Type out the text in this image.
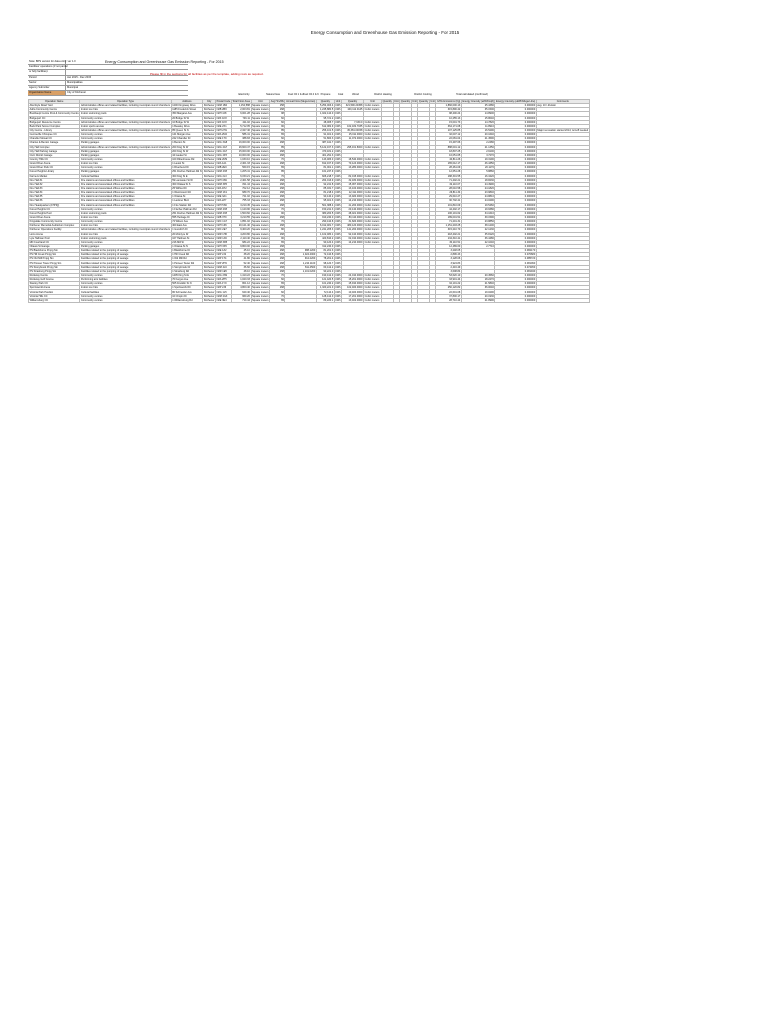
Energy Consumption and Greenhouse Gas Emission Reporting - For 2015
Note: BPS version for data entry: ver 1.0
Facilities' operations (if not partial
or fully facilities):
Period	Jan 2015 - Dec 2015
Sector	Municipalities
Agency Submitter	Municipal
Organization Name	City of Kitchener
Energy Consumption and Greenhouse Gas Emission Reporting - For 2015
Please fill in the sections for all facilities as per the template, adding rows as required.
Electricity	Natural Gas	Fuel Oil 1 & 2 Fuel Oil 4 & 6 Propane	Coal	Wood	District Heating	District Cooling	Total calculated (confirmed)
Operation Name	Operation Type	Address	City	Postal Code	Total Floor Area	Unit	Avg Hrs/Wk	Annual Flow (Mega Litres)	Quantity	Unit	Quantity	Unit	Quantity	Unit	Quantity	Unit	Quantity	Unit	GHG Emissions (Kg)	Energy Intensity (ekWh/sqft)	Energy Intensity (ekWh/Mega Litre)	Comments
Aberfoyle Road Yard	Administrative offices and related facilities, including municipal council chambers	1200 Kingsway Drive	Kitchener	N2M 1B4	1,154,588	Square meters	158		5,254,003.4	kWh	321,590.20458	Cubic meters							1,882,000.13	25.4380	0.000000	avg. 10 / division
Adria Community Centre	Indoor ice rinks	1185 Frederick Street	Kitchener	N2B 2B9	2,003.81	Square meters	168		1,245,880.5	kWh	100,112.0145	Cubic meters							315,890.42	35.1500	0.000000	
Breithaupt Centre Pool & Community Centre	Indoor swimming pools	350 Margaret Ave	Kitchener	N2H 4J8	6,001.28	Square meters	98		1,022,144.0	kWh									98,400.24	14.8900	0.000000	
Bridgeport CC	Community centres	20 Bridge St W	Kitchener	N2K 1K8	746.11	Square meters	60		95,721.2	kWh									10,255.13	15.8040	0.000000	
Bridgeport Resource Centre	Administrative offices and related facilities, including municipal council chambers	10 Bridge St W	Kitchener	N2K 1K8	411.02	Square meters	60		48,005.7	kWh	7,330.0	Cubic meters							15,001.73	14.7820	0.000000	
Budd Park Soccer Complex	Indoor sports arenas	1 Beasley Drive	Kitchener	N2E 2X1	5,712.05	Square meters	90		612,082.9	kWh	162,182.7035	Cubic meters							364,171.08	11.8910	0.000000	
City Centre - Library	Administrative offices and related facilities, including municipal council chambers	85 Queen St N	Kitchener	N2H 2H1	2,327.46	Square meters	85		256,101.5	kWh	45,381.00158	Cubic meters							107,125.85	16.5290	0.000000	Major renovation started 2014; turnoff needed
Centreville Chicopee CC	Community centres	141 Morgan Ave	Kitchener	N2A 2M4	586.41	Square meters	65		91,401.4	kWh	15,011.0000	Cubic meters							32,007.12	20.1640	0.000000	
Chandler Mowat CC	Community centres	222 Chandler Dr	Kitchener	N2E 1T9	388.83	Square meters	60		51,800.3	kWh	11,072.0000	Cubic meters							22,081.04	21.4590	0.000000	
Charles & Benton Garage	Parking garages	1 Benton St	Kitchener	N2G 3G8	16,000.00	Square meters	168		387,441.7	kWh									15,497.66	2.2480	0.000000	
City Hall Complex	Administrative offices and related facilities, including municipal council chambers	200 King St W	Kitchener	N2G 4G7	26,600.47	Square meters	85		5,122,167.3	kWh	295,161.8000	Cubic meters							888,001.12	21.1350	0.000000	
City Hall Parking Garage	Parking garages	200 King St W	Kitchener	N2G 4G7	15,000.00	Square meters	168		470,181.2	kWh									18,807.25	2.9100	0.000000	
Civic District Garage	Parking garages	44 Gaukel St	Kitchener	N2G 4P3	10,000.00	Square meters	168		401,291.3	kWh									16,051.65	3.7270	0.000000	
Country Hills CC	Community centres	100 Rittenhouse Rd	Kitchener	N2E 2M9	1,030.10	Square meters	70		143,483.0	kWh	18,540.0000	Cubic meters							40,811.26	19.3190	0.000000	
Grand River Arena	Indoor ice rinks	1 Laurel St	Kitchener	N2A 1A1	2,401.33	Square meters	168		812,167.9	kWh	70,124.0000	Cubic meters							165,012.17	46.4350	0.000000	
Grand River Park CC	Community centres	1 Riverbend Dr	Kitchener	N2B 2E9	560.15	Square meters	65		81,001.1	kWh	13,280.0000	Cubic meters							28,461.09	20.1170	0.000000	
Forest Heights Library	Parking garages	251 Fischer-Hallman Rd N	Kitchener	N2M 4X8	1,205.41	Square meters	85		161,247.9	kWh									12,651.28	5.8860	0.000000	
Farmers Market	Cultural facilities	300 King St E	Kitchener	N2G 2L3	6,150.21	Square meters	70		826,218.7	kWh	82,015.0000	Cubic meters							188,301.55	16.3420	0.000000	
Fire Hall #1	Fire stations and associated offices and facilities	59 Lancaster St W	Kitchener	N2H 4S9	2,401.58	Square meters	168		264,013.9	kWh	32,180.0000	Cubic meters							71,402.21	18.8230	0.000000	
Fire Hall #2	Fire stations and associated offices and facilities	300 Ottawa St S	Kitchener	N2M 3P6	811.44	Square meters	168		92,241.8	kWh	15,067.0000	Cubic meters							32,110.07	24.4990	0.000000	
Fire Hall #3	Fire stations and associated offices and facilities	25 Wilfred Dr	Kitchener	N2A 1H2	702.12	Square meters	168		85,031.7	kWh	13,100.0000	Cubic meters							28,010.58	24.1820	0.000000	
Fire Hall #4	Fire stations and associated offices and facilities	1 Westmount Rd	Kitchener	N2M 1K1	689.70	Square meters	168		81,218.4	kWh	12,411.0000	Cubic meters							26,811.34	23.9840	0.000000	
Fire Hall #5	Fire stations and associated offices and facilities	1 Ottawa St	Kitchener	N2E 3A1	721.02	Square meters	168		90,140.2	kWh	13,920.0000	Cubic meters							29,610.27	24.8810	0.000000	
Fire Hall #6	Fire stations and associated offices and facilities	1 Lackner Blvd	Kitchener	N2A 2Z7	755.33	Square meters	168		95,401.3	kWh	14,210.0000	Cubic meters							30,702.41	24.0290	0.000000	
Fire Headquarters (FHHQ)	Fire stations and associated offices and facilities	1 Fire Station Rd	Kitchener	N2H 5S6	3,210.45	Square meters	168		501,388.4	kWh	41,200.0000	Cubic meters							101,810.09	19.5460	0.000000	
Forest Heights CC	Community centres	1 Fischer-Hallman Rd	Kitchener	N2M 4X8	1,120.90	Square meters	70		150,241.3	kWh	20,140.0000	Cubic meters							44,402.17	19.9380	0.000000	
Forest Heights Pool	Indoor swimming pools	251 Fischer-Hallman Rd N	Kitchener	N2M 4X8	1,500.60	Square meters	90		380,200.5	kWh	48,021.0000	Cubic meters							106,101.62	34.1610	0.000000	
Grand River Arena	Indoor ice rinks	555 Heritage Dr	Kitchener	N2B 3T9	3,210.55	Square meters	168		910,240.0	kWh	80,110.0000	Cubic meters							189,001.51	39.1590	0.000000	
Kingsdale Community Centre	Community centres	72 Wilson Ave	Kitchener	N2C 1G7	1,851.02	Square meters	70		290,410.8	kWh	31,820.0000	Cubic meters							71,201.31	23.8850	0.000000	
Kitchener Memorial Auditorium Complex	Indoor ice rinks	400 East Ave	Kitchener	N2H 1Z6	20,121.40	Square meters	168		6,012,481.7	kWh	480,120.0000	Cubic meters							1,151,203.25	38.1200	0.000000	
Kitchener Operations Facility	Administrative offices and related facilities, including municipal council chambers	1 Goodrich Dr	Kitchener	N2C 2E7	9,400.20	Square meters	80		1,241,205.3	kWh	141,200.0000	Cubic meters							315,210.70	22.1230	0.000000	
Lions Arena	Indoor ice rinks	20 Mcintyre Dr	Kitchener	N2R 1H6	4,200.80	Square meters	168		1,102,480.1	kWh	92,410.0000	Cubic meters							218,402.21	35.8120	0.000000	
Lyle Hallman Pool	Indoor swimming pools	107 Hallman St	Kitchener	N2R 1A5	2,110.40	Square meters	90		420,810.2	kWh	62,010.0000	Cubic meters							134,310.41	36.4480	0.000000	
Mill Courtland CC	Community centres	216 Mill St	Kitchener	N2M 3R5	684.22	Square meters	65		90,120.4	kWh	14,210.0000	Cubic meters							30,110.51	22.1040	0.000000	
Ottawa St Garage	Parking garages	1 Ottawa St N	Kitchener	N2H 3K5	9,800.00	Square meters	168		312,240.0	kWh									12,489.60	2.7710	0.000000	
PS Blackhorne Pmpg Stn	Facilities related to the pumping of sewage	1 Blackhorne Dr	Kitchener	N2E 1Z2	45.10	Square meters	168	988.1200	81,201.3	kWh									3,248.05		0.082170	
PS Hill Creek Pmpg Stn	Facilities related to the pumping of sewage	1 Hill Creek Rd	Kitchener	N2P 2J2	38.20	Square meters	168	1,024.4000	72,410.8	kWh									2,896.43		0.070680	
PS Old Mill Pmpg Stn	Facilities related to the pumping of sewage	1 Old Mill Rd	Kitchener	N2P 1T4	41.80	Square meters	168	912.2200	78,201.4	kWh									3,128.06		0.085720	
PS Pioneer Tower Pmpg Stn	Facilities related to the pumping of sewage	1 Pioneer Tower Rd	Kitchener	N2P 2H9	52.40	Square meters	168	1,210.1100	98,120.7	kWh									3,924.83		0.081090	
PS Stonybrook Pmpg Stn	Facilities related to the pumping of sewage	1 Stonybrook Dr	Kitchener	N2M 4L6	36.60	Square meters	168	811.4500	60,412.2	kWh									2,416.49		0.074450	
PS Strasburg Pmpg Stn	Facilities related to the pumping of sewage	1 Strasburg Rd	Kitchener	N2R 1E5	48.10	Square meters	168	1,101.0200	90,221.0	kWh									3,608.84		0.081940	
Rockway Centre	Community centres	1405 King St E	Kitchener	N2G 2N9	1,410.22	Square meters	70		190,412.0	kWh	24,010.0000	Cubic meters							53,620.10	20.4560	0.000000	
Rockway Golf Course	Performing arts facilities	70 Fergus Ave	Kitchener	N2A 2H5	1,020.33	Square meters	60		121,420.5	kWh	15,201.0000	Cubic meters							33,901.44	18.2270	0.000000	
Stanley Park CC	Community centres	505 Franklin St N	Kitchener	N2A 1Y9	801.12	Square meters	65		101,240.2	kWh	15,910.0000	Cubic meters							34,101.22	21.5840	0.000000	
Sportsworld Arena	Indoor ice rinks	1 Sportsworld Dr	Kitchener	N2P 2J6	4,800.40	Square meters	168		1,320,221.0	kWh	102,400.0000	Cubic meters							250,120.82	36.0040	0.000000	
Victoria Park Pavilion	Cultural facilities	80 Schneider Ave	Kitchener	N2G 1L5	620.40	Square meters	60		72,110.4	kWh	10,400.0000	Cubic meters							22,601.08	19.0290	0.000000	
Victoria Hills CC	Community centres	10 Chopin Dr	Kitchener	N2M 2G3	960.20	Square meters	70		128,412.0	kWh	17,201.0000	Cubic meters							37,800.17	20.1930	0.000000	
Williamsburg CC	Community centres	1 Williamsburg Rd	Kitchener	N2E 3E4	710.44	Square meters	65		89,220.1	kWh	13,402.0000	Cubic meters							28,710.44	21.8990	0.000000	
